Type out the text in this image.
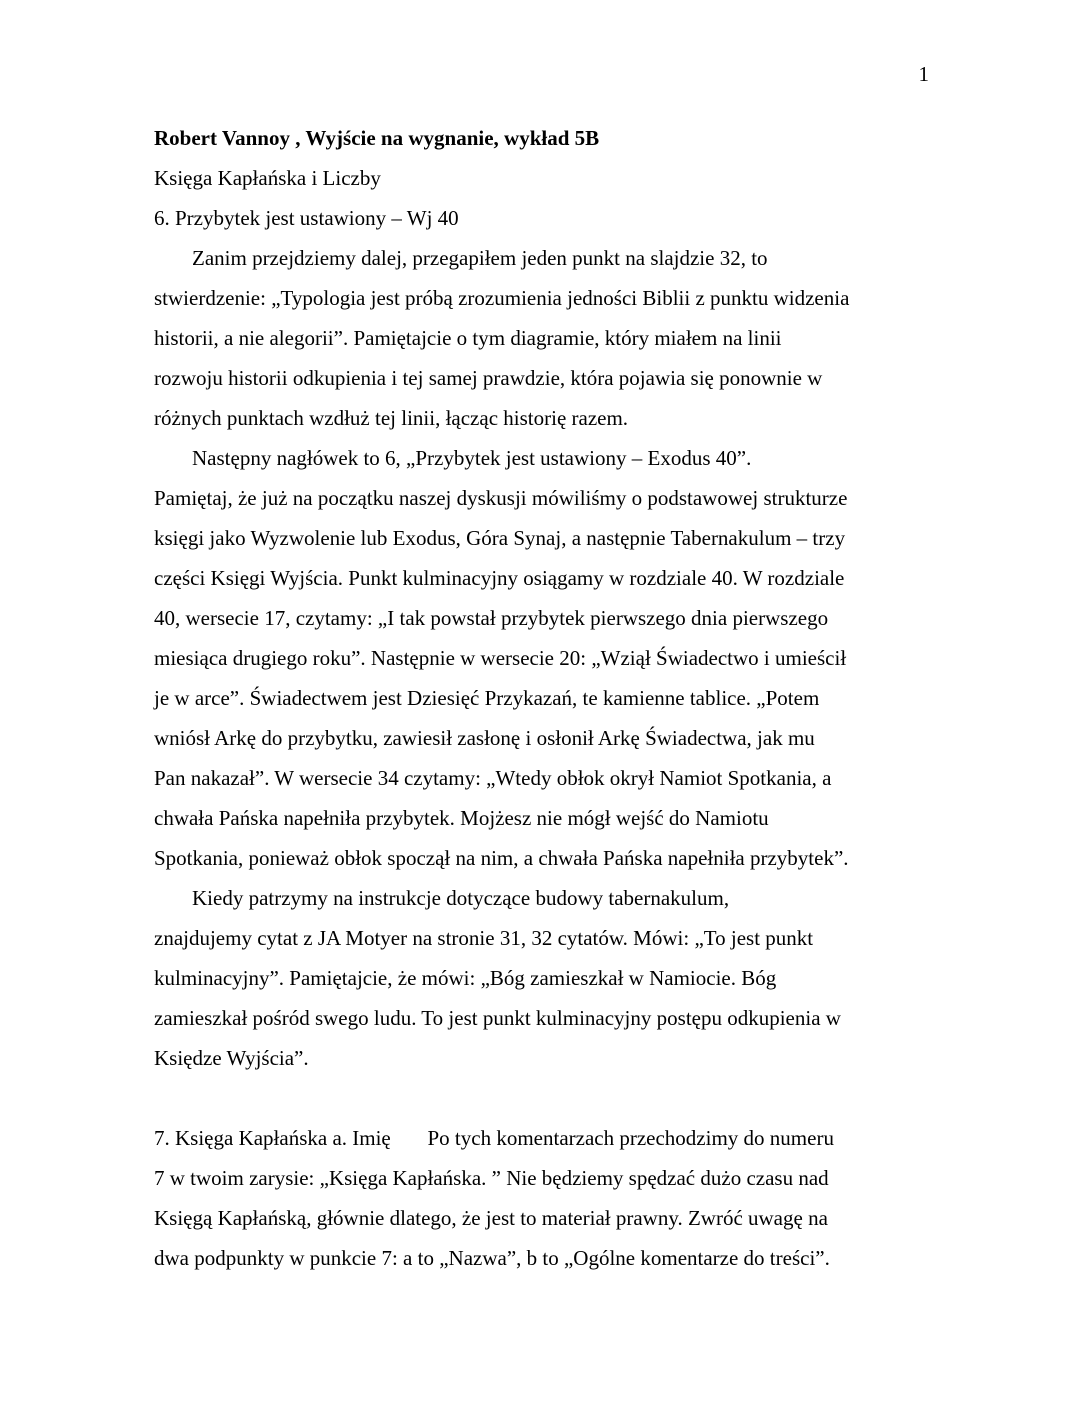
1
Robert Vannoy , Wyjście na wygnanie, wykład 5B
Księga Kapłańska i Liczby
6. Przybytek jest ustawiony – Wj 40
Zanim przejdziemy dalej, przegapiłem jeden punkt na slajdzie 32, to
stwierdzenie: „Typologia jest próbą zrozumienia jedności Biblii z punktu widzenia
historii, a nie alegorii”. Pamiętajcie o tym diagramie, który miałem na linii
rozwoju historii odkupienia i tej samej prawdzie, która pojawia się ponownie w
różnych punktach wzdłuż tej linii, łącząc historię razem.
Następny nagłówek to 6, „Przybytek jest ustawiony – Exodus 40”.
Pamiętaj, że już na początku naszej dyskusji mówiliśmy o podstawowej strukturze
księgi jako Wyzwolenie lub Exodus, Góra Synaj, a następnie Tabernakulum – trzy
części Księgi Wyjścia. Punkt kulminacyjny osiągamy w rozdziale 40. W rozdziale
40, wersecie 17, czytamy: „I tak powstał przybytek pierwszego dnia pierwszego
miesiąca drugiego roku”. Następnie w wersecie 20: „Wziął Świadectwo i umieścił
je w arce”. Świadectwem jest Dziesięć Przykazań, te kamienne tablice. „Potem
wniósł Arkę do przybytku, zawiesił zasłonę i osłonił Arkę Świadectwa, jak mu
Pan nakazał”. W wersecie 34 czytamy: „Wtedy obłok okrył Namiot Spotkania, a
chwała Pańska napełniła przybytek. Mojżesz nie mógł wejść do Namiotu
Spotkania, ponieważ obłok spoczął na nim, a chwała Pańska napełniła przybytek”.
Kiedy patrzymy na instrukcje dotyczące budowy tabernakulum,
znajdujemy cytat z JA Motyer na stronie 31, 32 cytatów. Mówi: „To jest punkt
kulminacyjny”. Pamiętajcie, że mówi: „Bóg zamieszkał w Namiocie. Bóg
zamieszkał pośród swego ludu. To jest punkt kulminacyjny postępu odkupienia w
Księdze Wyjścia”.
7. Księga Kapłańska a. Imię       Po tych komentarzach przechodzimy do numeru
7 w twoim zarysie: „Księga Kapłańska. ” Nie będziemy spędzać dużo czasu nad
Księgą Kapłańską, głównie dlatego, że jest to materiał prawny. Zwróć uwagę na
dwa podpunkty w punkcie 7: a to „Nazwa”, b to „Ogólne komentarze do treści”.
